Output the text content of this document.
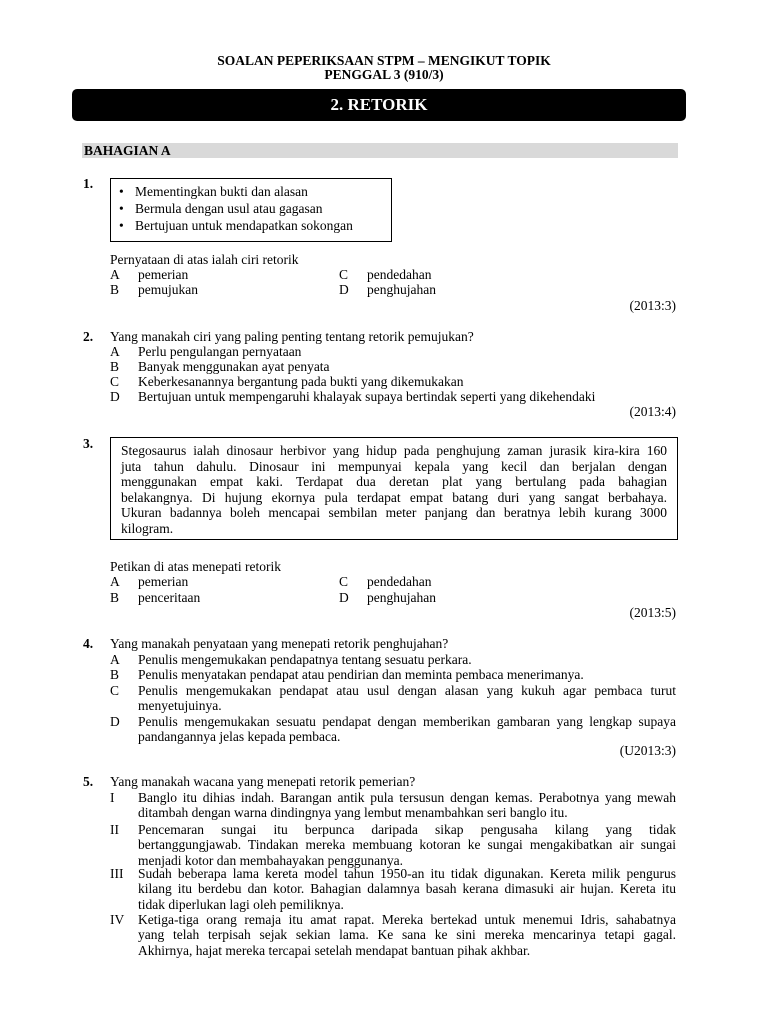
SOALAN PEPERIKSAAN STPM – MENGIKUT TOPIK
PENGGAL 3 (910/3)
2. RETORIK
BAHAGIAN A
1.
• Mementingkan bukti dan alasan
• Bermula dengan usul atau gagasan
• Bertujuan untuk mendapatkan sokongan
Pernyataan di atas ialah ciri retorik
A pemerian
B pemujukan
C pendedahan
D penghujahan
(2013:3)
2. Yang manakah ciri yang paling penting tentang retorik pemujukan?
A Perlu pengulangan pernyataan
B Banyak menggunakan ayat penyata
C Keberkesanannya bergantung pada bukti yang dikemukakan
D Bertujuan untuk mempengaruhi khalayak supaya bertindak seperti yang dikehendaki
(2013:4)
3. Stegosaurus ialah dinosaur herbivor yang hidup pada penghujung zaman jurasik kira-kira 160
juta tahun dahulu. Dinosaur ini mempunyai kepala yang kecil dan berjalan dengan
menggunakan empat kaki. Terdapat dua deretan plat yang bertulang pada bahagian
belakangnya. Di hujung ekornya pula terdapat empat batang duri yang sangat berbahaya.
Ukuran badannya boleh mencapai sembilan meter panjang dan beratnya lebih kurang 3000
kilogram.
Petikan di atas menepati retorik
A pemerian
B penceritaan
C pendedahan
D penghujahan
(2013:5)
4. Yang manakah penyataan yang menepati retorik penghujahan?
A Penulis mengemukakan pendapatnya tentang sesuatu perkara.
B Penulis menyatakan pendapat atau pendirian dan meminta pembaca menerimanya.
C Penulis mengemukakan pendapat atau usul dengan alasan yang kukuh agar pembaca turut
menyetujuinya.
D Penulis mengemukakan sesuatu pendapat dengan memberikan gambaran yang lengkap supaya
pandangannya jelas kepada pembaca.
(U2013:3)
5. Yang manakah wacana yang menepati retorik pemerian?
I Banglo itu dihias indah. Barangan antik pula tersusun dengan kemas. Perabotnya yang mewah
ditambah dengan warna dindingnya yang lembut menambahkan seri banglo itu.
II Pencemaran sungai itu berpunca daripada sikap pengusaha kilang yang tidak
bertanggungjawab. Tindakan mereka membuang kotoran ke sungai mengakibatkan air sungai
menjadi kotor dan membahayakan penggunanya.
III Sudah beberapa lama kereta model tahun 1950-an itu tidak digunakan. Kereta milik pengurus
kilang itu berdebu dan kotor. Bahagian dalamnya basah kerana dimasuki air hujan. Kereta itu
tidak diperlukan lagi oleh pemiliknya.
IV Ketiga-tiga orang remaja itu amat rapat. Mereka bertekad untuk menemui Idris, sahabatnya
yang telah terpisah sejak sekian lama. Ke sana ke sini mereka mencarinya tetapi gagal.
Akhirnya, hajat mereka tercapai setelah mendapat bantuan pihak akhbar.
